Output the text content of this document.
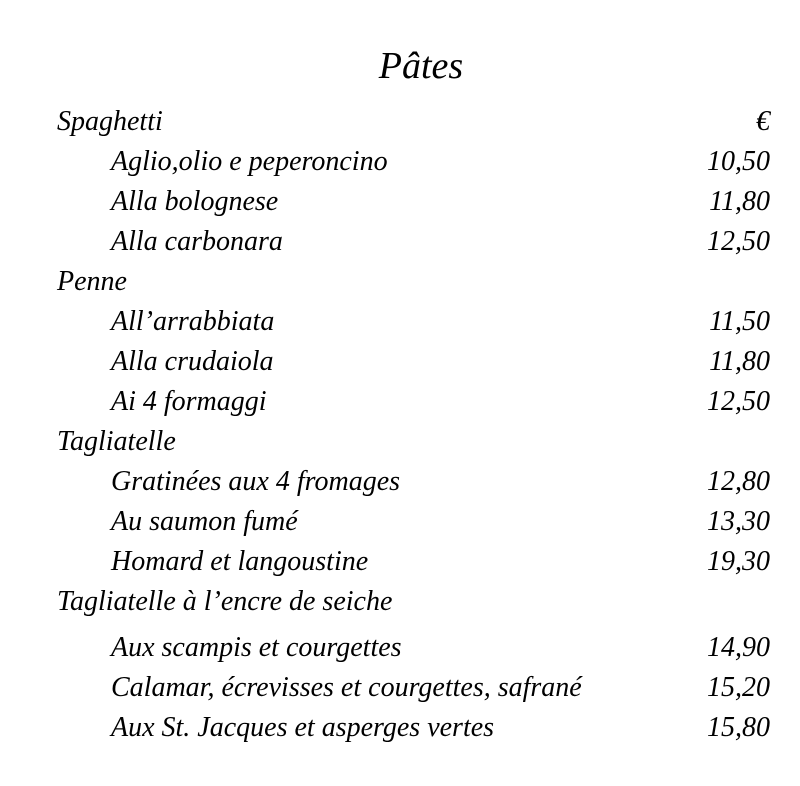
Pâtes
Spaghetti	€
Aglio,olio e peperoncino	10,50
Alla bolognese	11,80
Alla carbonara	12,50
Penne
All’arrabbiata	11,50
Alla crudaiola	11,80
Ai 4 formaggi	12,50
Tagliatelle
Gratinées aux 4 fromages	12,80
Au saumon fumé	13,30
Homard et langoustine	19,30
Tagliatelle à l’encre de seiche
Aux scampis et courgettes	14,90
Calamar, écrevisses et courgettes, safrané	15,20
Aux St. Jacques et asperges vertes	15,80
